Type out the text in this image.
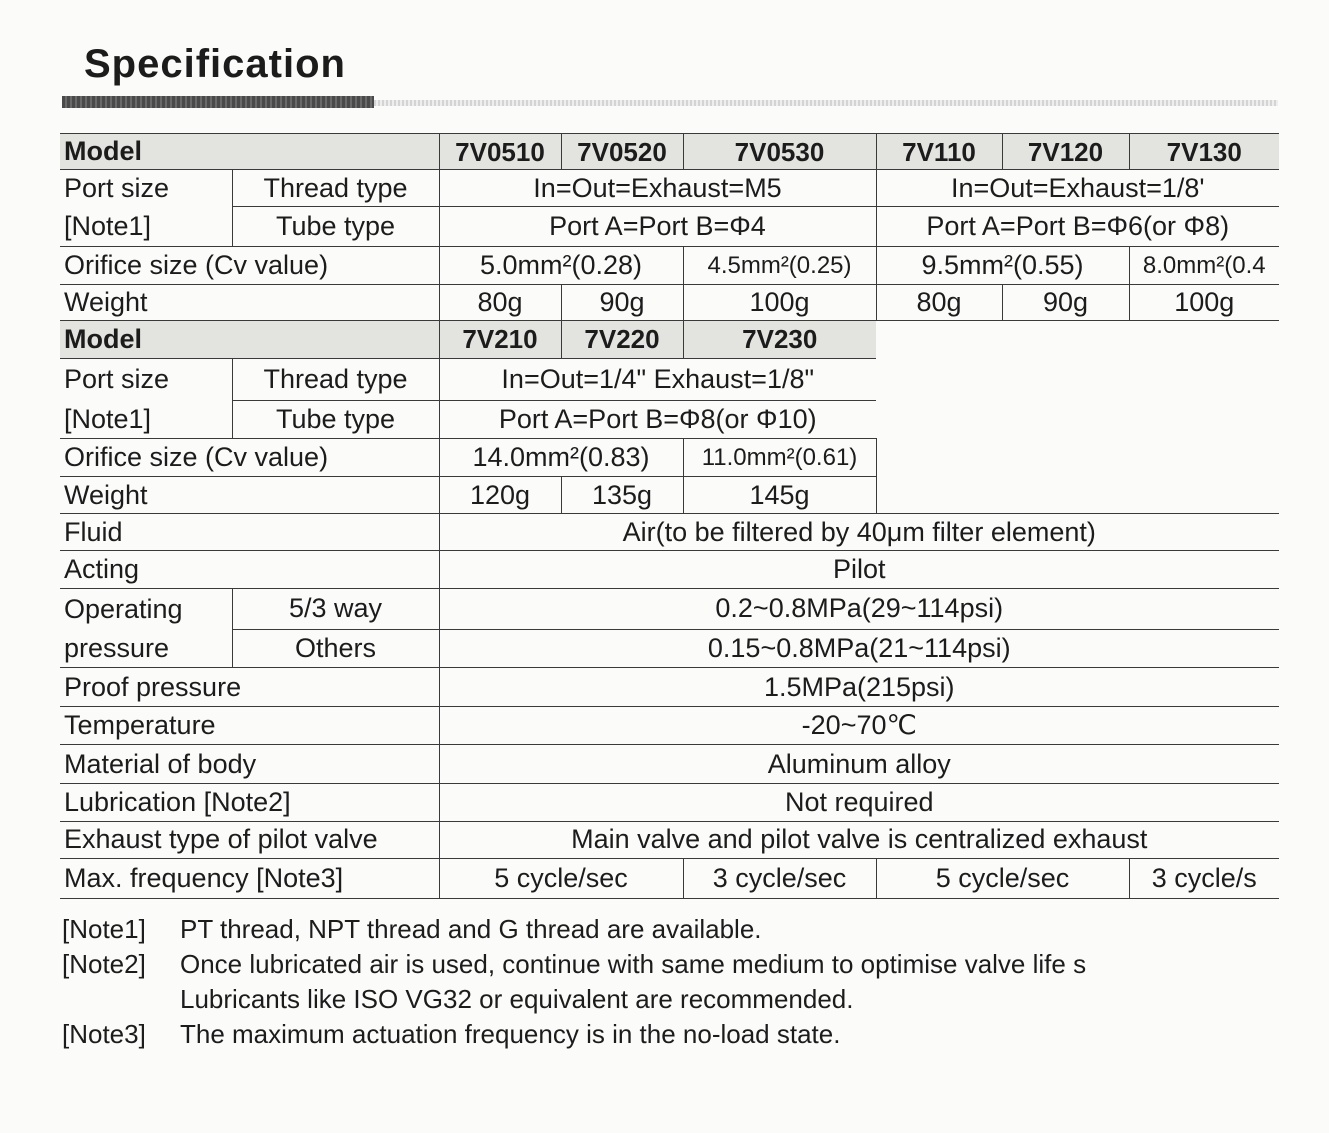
Specification
Model		7V0510	7V0520	7V0530	7V110	7V120	7V130
Port size	Thread type	In=Out=Exhaust=M5			In=Out=Exhaust=1/8'		
[Note1]	Tube type	Port A=Port B=Φ4			Port A=Port B=Φ6(or Φ8)		
Orifice size (Cv value)		5.0mm²(0.28)		4.5mm²(0.25)	9.5mm²(0.55)		8.0mm²(0.4
Weight		80g	90g	100g	80g	90g	100g
Model		7V210	7V220	7V230			
Port size	Thread type	In=Out=1/4" Exhaust=1/8"					
[Note1]	Tube type	Port A=Port B=Φ8(or Φ10)					
Orifice size (Cv value)		14.0mm²(0.83)		11.0mm²(0.61)			
Weight		120g	135g	145g			
Fluid		Air(to be filtered by 40μm filter element)					
Acting		Pilot					
Operating	5/3 way	0.2~0.8MPa(29~114psi)					
pressure	Others	0.15~0.8MPa(21~114psi)					
Proof pressure		1.5MPa(215psi)					
Temperature		-20~70℃					
Material of body		Aluminum alloy					
Lubrication [Note2]		Not required					
Exhaust type of pilot valve		Main valve and pilot valve is centralized exhaust					
Max. frequency [Note3]		5 cycle/sec		3 cycle/sec	5 cycle/sec		3 cycle/s
[Note1]	PT thread, NPT thread and G thread are available.
[Note2]	Once lubricated air is used, continue with same medium to optimise valve life s
Lubricants like ISO VG32 or equivalent are recommended.
[Note3]	The maximum actuation frequency is in the no-load state.
